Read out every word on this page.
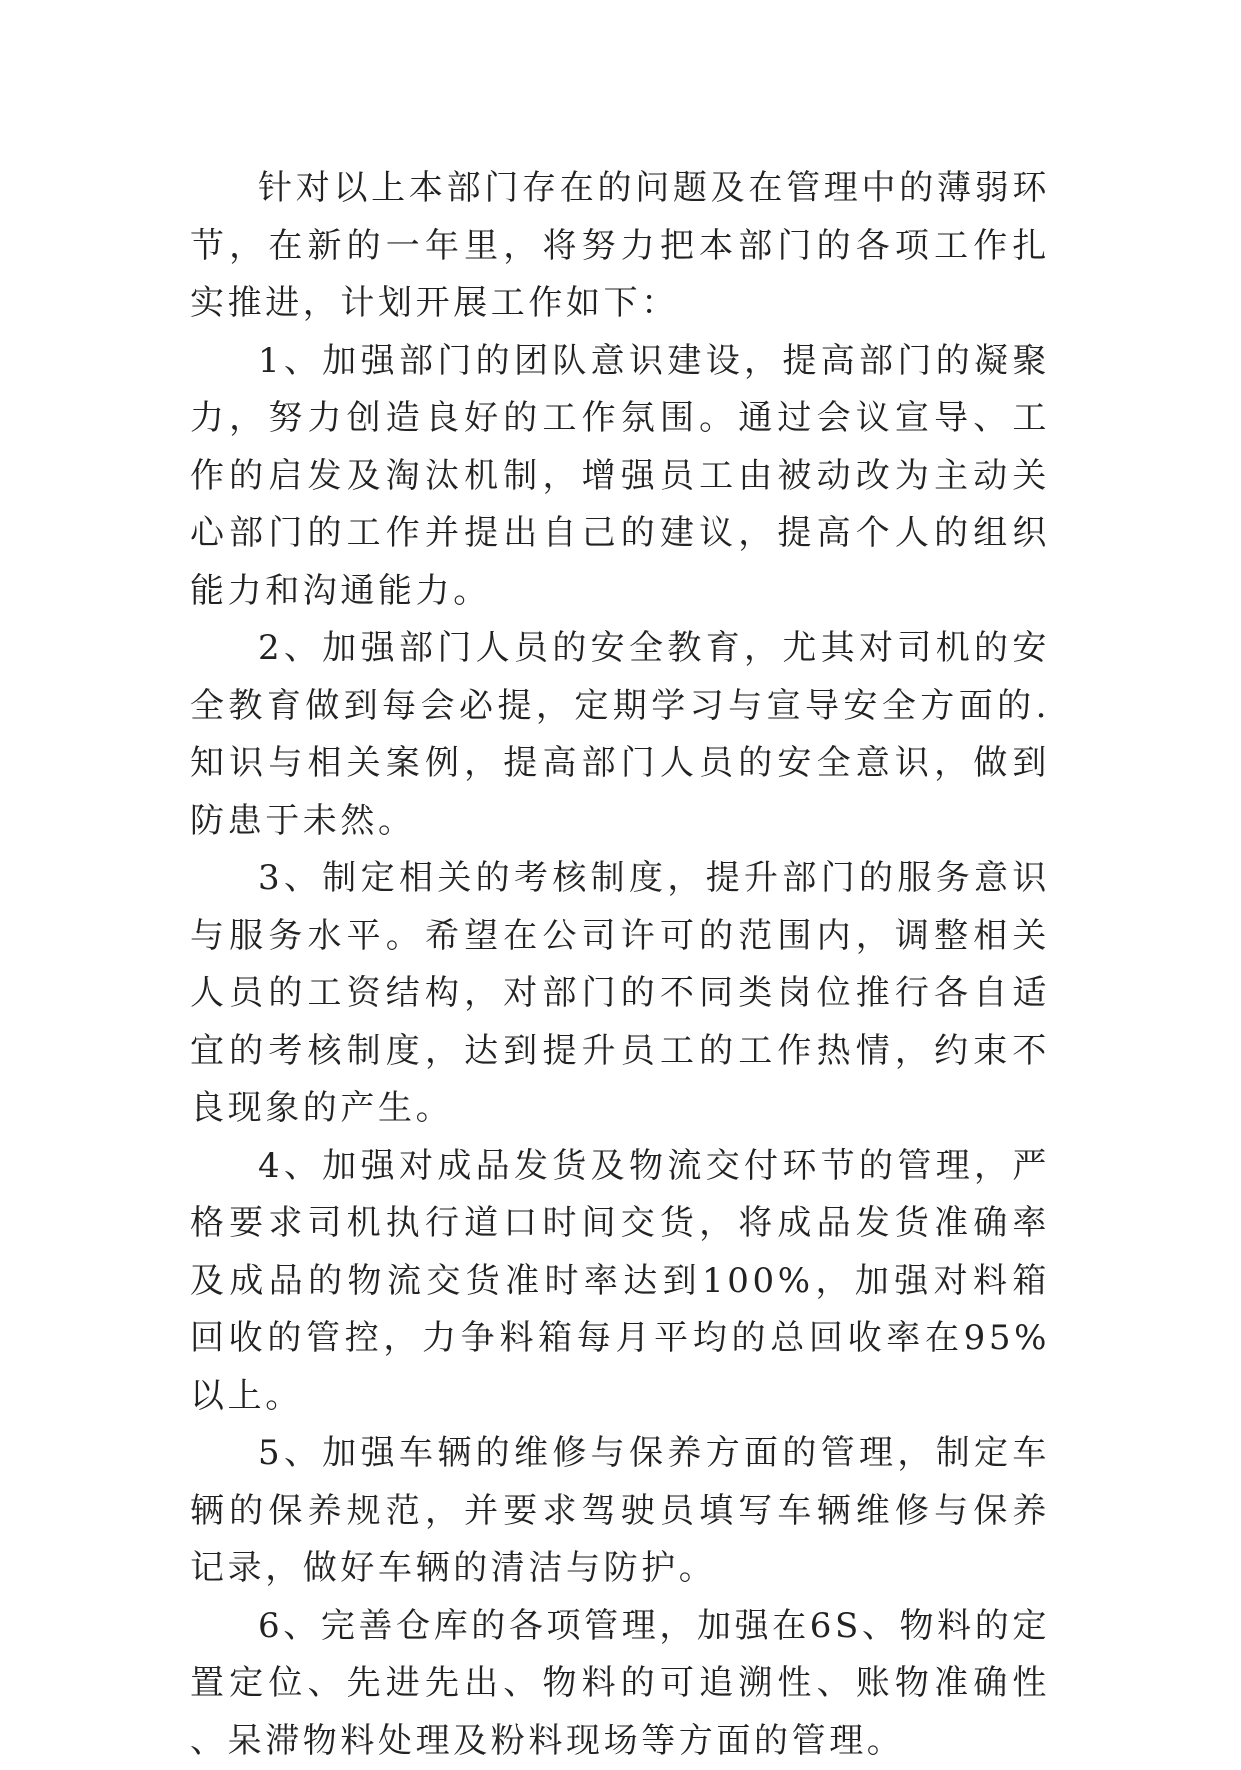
针对以上本部门存在的问题及在管理中的薄弱环节，在新的一年里，将努力把本部门的各项工作扎实推进，计划开展工作如下：

1、加强部门的团队意识建设，提高部门的凝聚力，努力创造良好的工作氛围。通过会议宣导、工作的启发及淘汰机制，增强员工由被动改为主动关心部门的工作并提出自己的建议，提高个人的组织能力和沟通能力。

2、加强部门人员的安全教育，尤其对司机的安全教育做到每会必提，定期学习与宣导安全方面的.知识与相关案例，提高部门人员的安全意识，做到防患于未然。

3、制定相关的考核制度，提升部门的服务意识与服务水平。希望在公司许可的范围内，调整相关人员的工资结构，对部门的不同类岗位推行各自适宜的考核制度，达到提升员工的工作热情，约束不良现象的产生。

4、加强对成品发货及物流交付环节的管理，严格要求司机执行道口时间交货，将成品发货准确率及成品的物流交货准时率达到100%，加强对料箱回收的管控，力争料箱每月平均的总回收率在95%以上。

5、加强车辆的维修与保养方面的管理，制定车辆的保养规范，并要求驾驶员填写车辆维修与保养记录，做好车辆的清洁与防护。

6、完善仓库的各项管理，加强在6S、物料的定置定位、先进先出、物料的可追溯性、账物准确性、呆滞物料处理及粉料现场等方面的管理。
